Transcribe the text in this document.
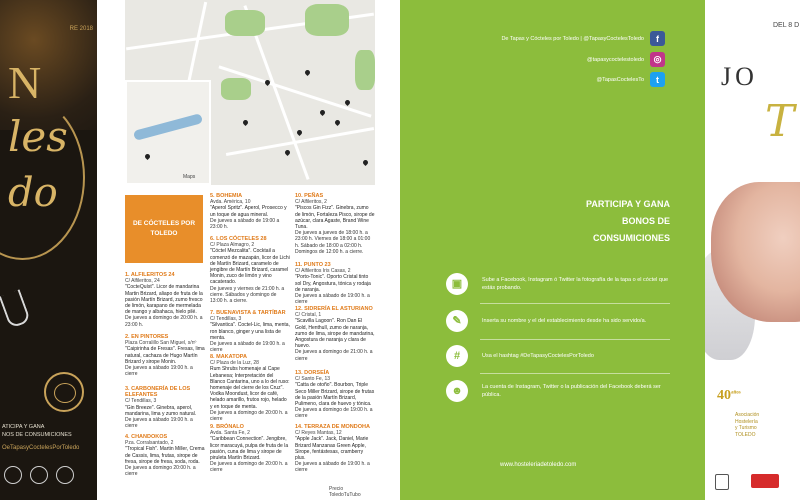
RE 2018
N
les
do
ATICIPA Y GANA
NOS DE CONSUMICIONES
OeTapasyCoctelesPorToledo
Maps
DE CÓCTELES POR TOLEDO
1. ALFILERITOS 24
C/ Alfileritos, 24
"CocteQuíst". Licor de mandarina Martin Brizard, aliapo de fruta de la pasión Martín Brizard, zumo fresco de limón, karapano de mermelada de mango y albahaca, hielo pilé.
De jueves a domingo de 20:00 h. a 23:00 h.
2. EN PINTORES
Plaza Corralillo San Miguel, s/nº
"Caipirinha de Fresas". Fresas, lima natural, cachaza de Hugo Martín Brizard y sirope Monin.
De jueves a sábado 19:00 h. a cierre
3. CARBONERÍA DE LOS ELEFANTES
C/ Tendillas, 3
"Gin Breeze". Ginebra, aperol, mandarina, lima y zumo natural.
De jueves a sábado 19:00 h. a cierre
4. CHANDOKOS
Pza. Corralsantado, 2
"Tropical Fish". Martin Miller, Crema de Cassis, lima, frutas, sirope de fresa, sirope de fresa, soda, roda.
De jueves a domingo 20:00 h. a cierre
5. BOHEMIA
Avda. América, 10
"Aperol Spritz". Aperol, Prosecco y un toque de agua mineral.
De jueves a sábado de 19:00 a 23:00 h.
6. LOS CÓCTELES 28
C/ Plaza Almagro, 2
"Cóctel Mezcalita". Cocktail a comenzó de mazapán, licor de Lichi de Martín Brizard, caramelo de jengibre de Martín Brizard, caramel Monin, zuco de limón y vino cacaterado.
De jueves y viernes de 21:00 h. a cierre. Sábados y domingo de 13:00 h. a cierre.
7. BUENAVISTA & TARTÍBAR
C/ Tendillas, 3
"Silvantica". Coctel-Lic, lima, menta, ron blanco, ginger y una lista de menta.
De jueves a sábado de 19:00 h. a cierre
8. MAKATOPA
C/ Plaza de la Luz, 28
Rum Shrubs homenaje al Cape Lebanesa; Interpretación del Blanco Cantarina, uno a lo del ruso: homenaje del cierre de los Cruz". Vodka Moondust, licor de café, helado amarillo, frutos rojo, helado y en toque de menta.
De jueves a domingo de 20:00 h. a cierre
9. BRÓNALO
Avda. Santa Fe, 2
"Caribbean Connection". Jengibre, licor maracuyá, pulpa de fruta de la pasión, cuna de lima y sirope de piruleta Martín Brizard.
De jueves a domingo de 20:00 h. a cierre
10. PEÑAS
C/ Alfileritos, 2
"Piscos Gin Fizz". Ginebra, zumo de limón, Fortaleza Pisco, sirope de azúcar, clara Agaste, Brand Wine Tuna.
De jueves a jueves de 18:00 h. a 23:00 h. Viernes de 18:00 a 01:00 h. Sábado de 18:00 a 02:00 h. Domingos de 12:00 h. a cierre.
11. PUNTO 23
C/ Alfileritos Iris Casas, 2
"Porto-Tonic". Oporto Cristal tinto sol Dry, Angostura, tónica y rodaja de naranja.
De jueves a sábado de 19:00 h. a cierre
12. SIDRERÍA EL ASTURIANO
C/ Cristal, 1
"Scavilla Lagoon". Ron Dan El Gold, Henthull, zumo de naranja, zumo de lima, sirope de mandarina, Angostura de naranja y clara de huevo.
De jueves a domingo de 21:00 h. a cierre
13. DORSEÍA
C/ Santo Fe, 13
"Catta de otoño". Bourbon, Triple Seco Miller Brizard, sirope de frutas de la pasión Martín Brizard, Pulimeno, clara de huevo y tónica.
De jueves a domingo de 19:00 h. a cierre
14. TERRAZA DE MONDOHA
C/ Reyes Mantas, 12
"Apple Jack". Jack, Daniel, Marie Brizard Manzanas Green Apple, Sirope, fentástesas, cramberry plus.
De jueves a sábado de 19:00 h. a cierre
Precio ToledoTuTubo
De Tapas y Cócteles por Toledo | @TapasyCoctelesToledo	f
@tapasycoctelestoledo	◎
@TapasCoctelesTo	t
PARTICIPA Y GANA
BONOS DE
CONSUMICIONES
▣	Sube a Facebook, Instagram ó Twitter la fotografía de la tapa o el cóctel que estás probando.
✎	Inserta su nombre y el del establecimiento desde ha sido servido/a.
#	Usa el hashtag #DeTapasyCoctelesPorToledo
☻	La cuenta de Instagram, Twitter o la publicación del Facebook deberá ser pública.
www.hosteleriadetoledo.com
DEL 8 D
JO
T
$40^{años}$
Asociación
Hostelería
y Turismo
TOLEDO
